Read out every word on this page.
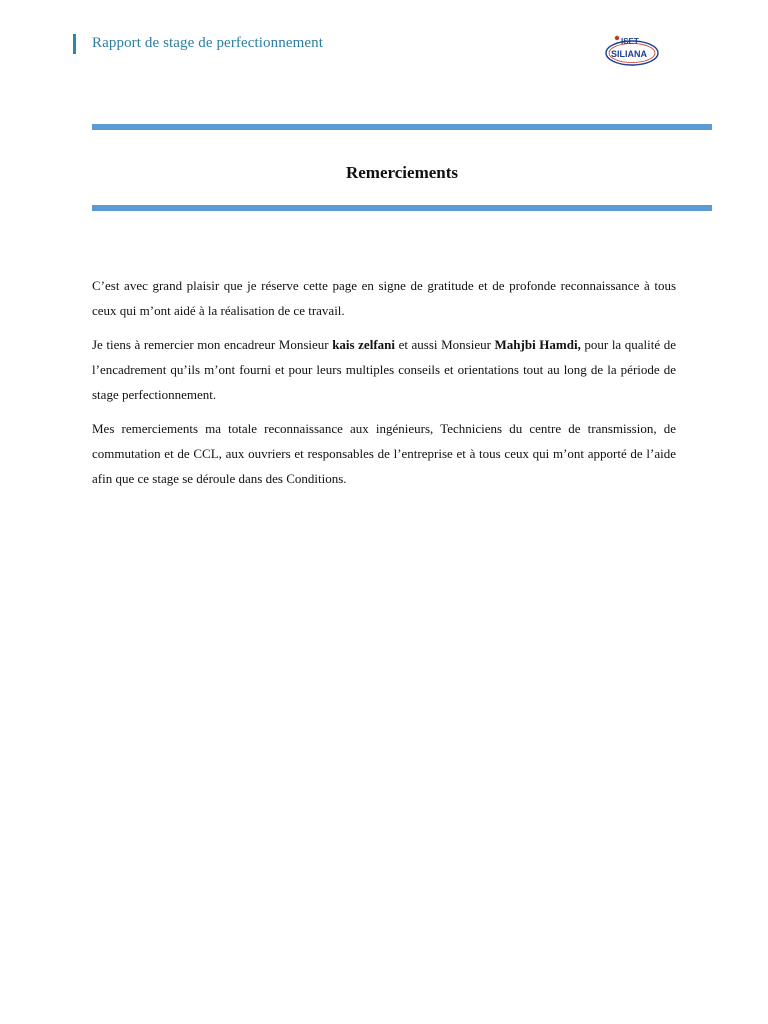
Rapport de stage de perfectionnement	ISET
SILIANA
Remerciements

C’est avec grand plaisir que je réserve cette page en signe de gratitude et de profonde reconnaissance à tous ceux qui m’ont aidé à la réalisation de ce travail.

Je tiens à remercier mon encadreur Monsieur kais zelfani et aussi Monsieur Mahjbi Hamdi, pour la qualité de l’encadrement qu’ils m’ont fourni et pour leurs multiples conseils et orientations tout au long de la période de stage perfectionnement.

Mes remerciements ma totale reconnaissance aux ingénieurs, Techniciens du centre de transmission, de commutation et de CCL, aux ouvriers et responsables de l’entreprise et à tous ceux qui m’ont apporté de l’aide afin que ce stage se déroule dans des Conditions.
